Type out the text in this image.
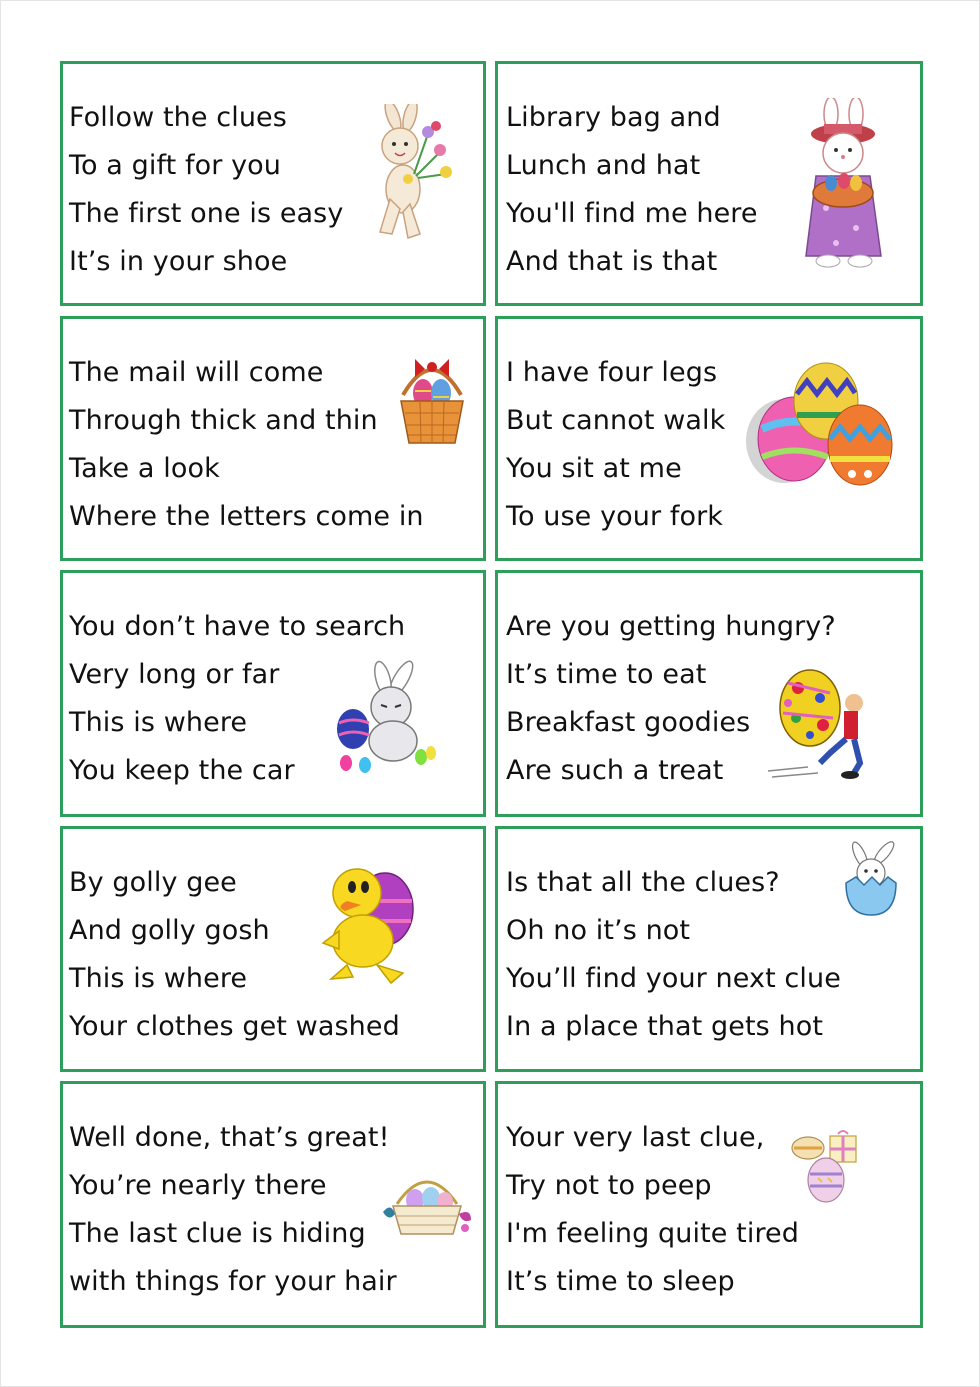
Follow the clues
To a gift for you
The first one is easy
It’s in your shoe
Library bag and
Lunch and hat
You'll find me here
And that is that
The mail will come
Through thick and thin
Take a look
Where the letters come in
I have four legs
But cannot walk
You sit at me
To use your fork
You don’t have to search
Very long or far
This is where
You keep the car
Are you getting hungry?
It’s time to eat
Breakfast goodies
Are such a treat
By golly gee
And golly gosh
This is where
Your clothes get washed
Is that all the clues?
Oh no it’s not
You’ll find your next clue
In a place that gets hot
Well done, that’s great!
You’re nearly there
The last clue is hiding
with things for your hair
Your very last clue,
Try not to peep
I'm feeling quite tired
It’s time to sleep
